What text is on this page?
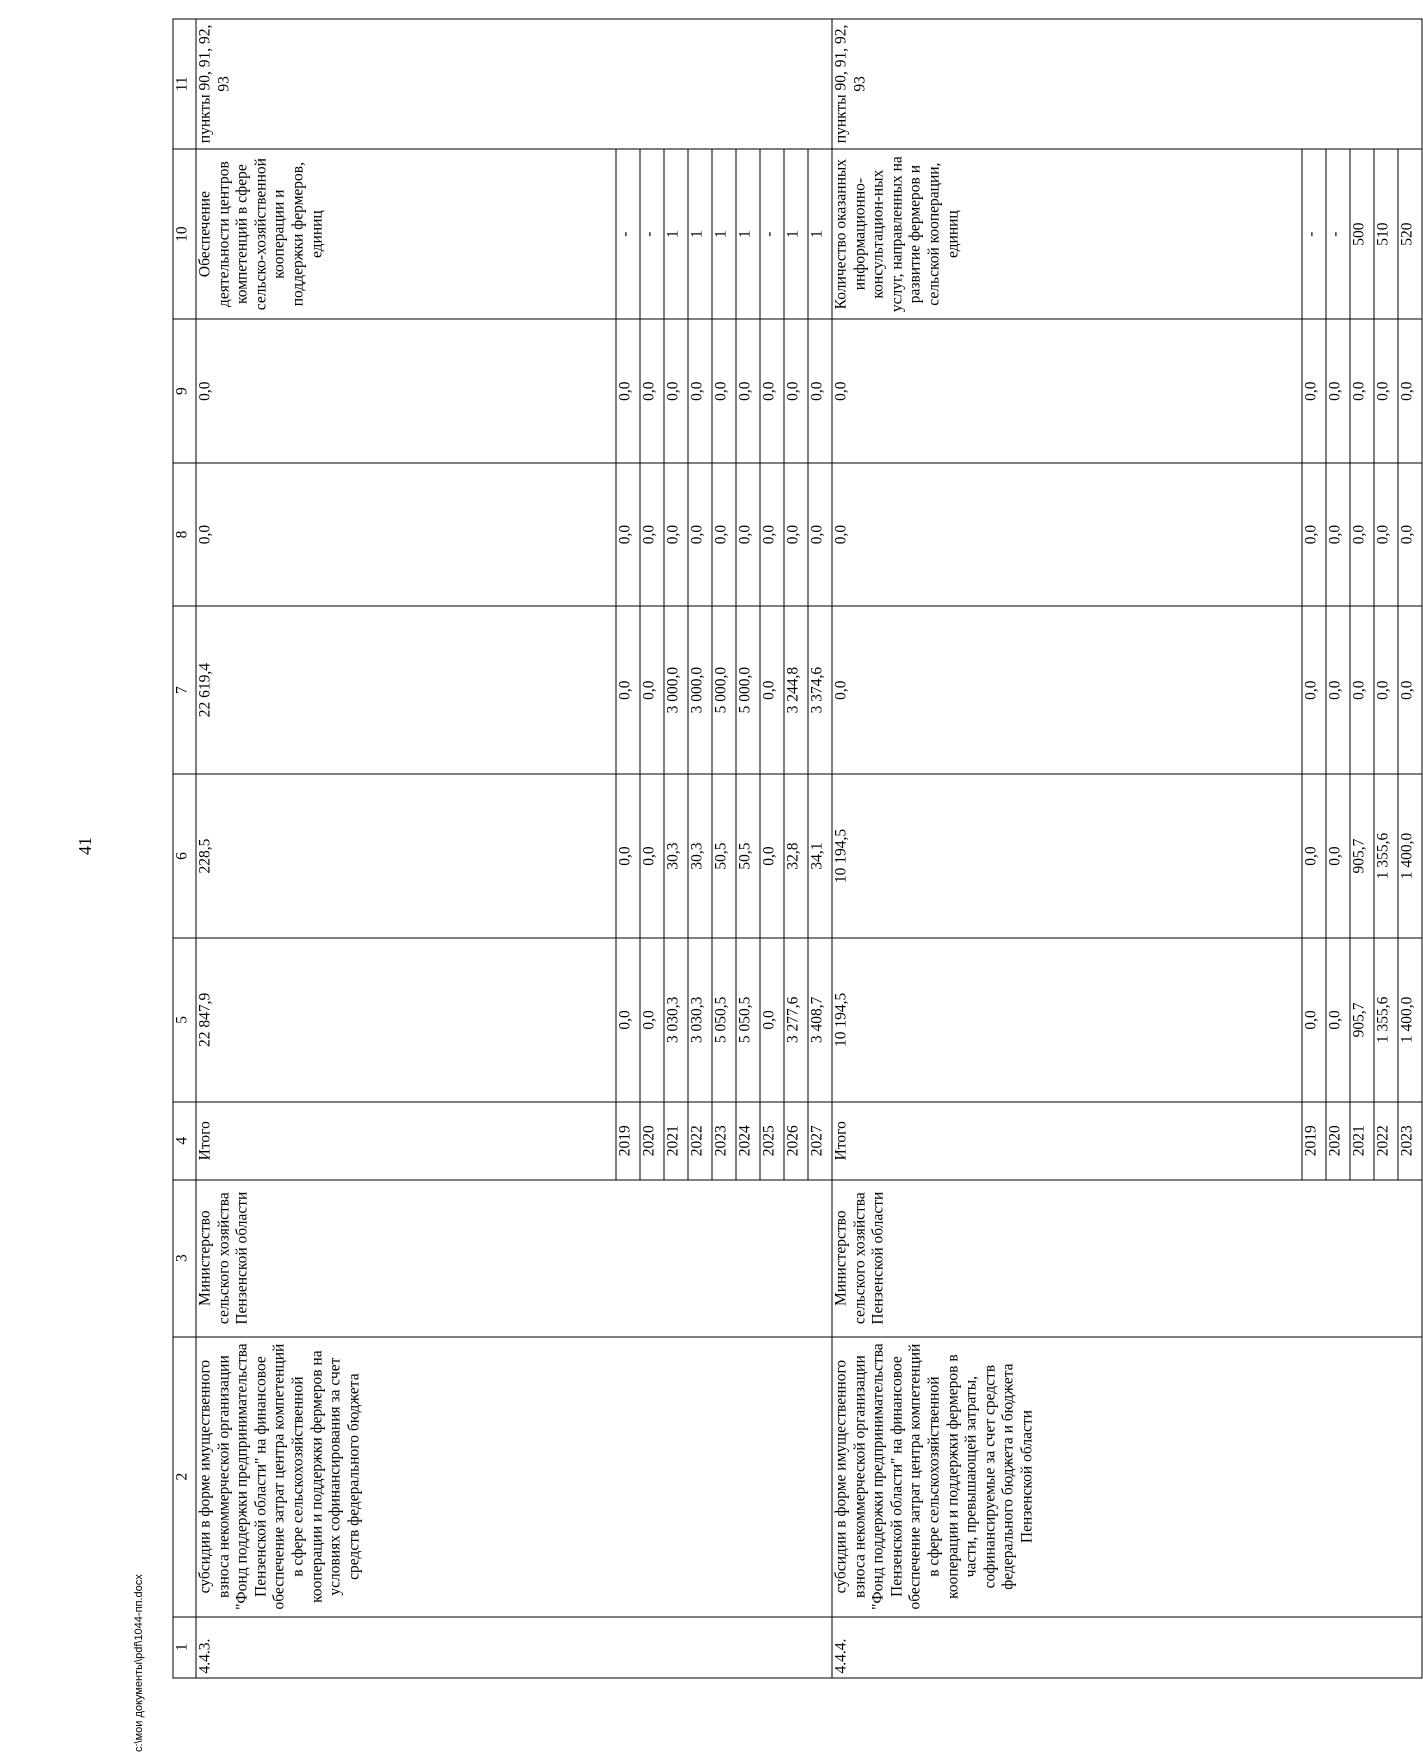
41
1	2	3	4	5	6	7	8	9	10	11
4.4.3.	субсидии в форме имущественного взноса некоммерческой организации "Фонд поддержки предпринимательства Пензенской области" на финансовое обеспечение затрат центра компетенций в сфере сельскохозяйственной кооперации и поддержки фермеров на условиях софинансирования за счет средств федерального бюджета	Министерство сельского хозяйства Пензенской области	Итого	22 847,9	228,5	22 619,4	0,0	0,0	Обеспечение деятельности центров компетенций в сфере сельско-хозяйственной кооперации и поддержки фермеров, единиц	пункты 90, 91, 92, 93
			2019	0,0	0,0	0,0	0,0	0,0	-	
			2020	0,0	0,0	0,0	0,0	0,0	-	
			2021	3 030,3	30,3	3 000,0	0,0	0,0	1	
			2022	3 030,3	30,3	3 000,0	0,0	0,0	1	
			2023	5 050,5	50,5	5 000,0	0,0	0,0	1	
			2024	5 050,5	50,5	5 000,0	0,0	0,0	1	
			2025	0,0	0,0	0,0	0,0	0,0	-	
			2026	3 277,6	32,8	3 244,8	0,0	0,0	1	
			2027	3 408,7	34,1	3 374,6	0,0	0,0	1	
4.4.4.	субсидии в форме имущественного взноса некоммерческой организации "Фонд поддержки предпринимательства Пензенской области" на финансовое обеспечение затрат центра компетенций в сфере сельскохозяйственной кооперации и поддержки фермеров в части, превышающей затраты, софинансируемые за счет средств федерального бюджета и бюджета Пензенской области	Министерство сельского хозяйства Пензенской области	Итого	10 194,5	10 194,5	0,0	0,0	0,0	Количество оказанных информационно-консультацион-ных услуг, направленных на развитие фермеров и сельской кооперации, единиц	пункты 90, 91, 92, 93
			2019	0,0	0,0	0,0	0,0	0,0	-	
			2020	0,0	0,0	0,0	0,0	0,0	-	
			2021	905,7	905,7	0,0	0,0	0,0	500	
			2022	1 355,6	1 355,6	0,0	0,0	0,0	510	
			2023	1 400,0	1 400,0	0,0	0,0	0,0	520	
c:\мои документы\pdf\1044-пп.docx
